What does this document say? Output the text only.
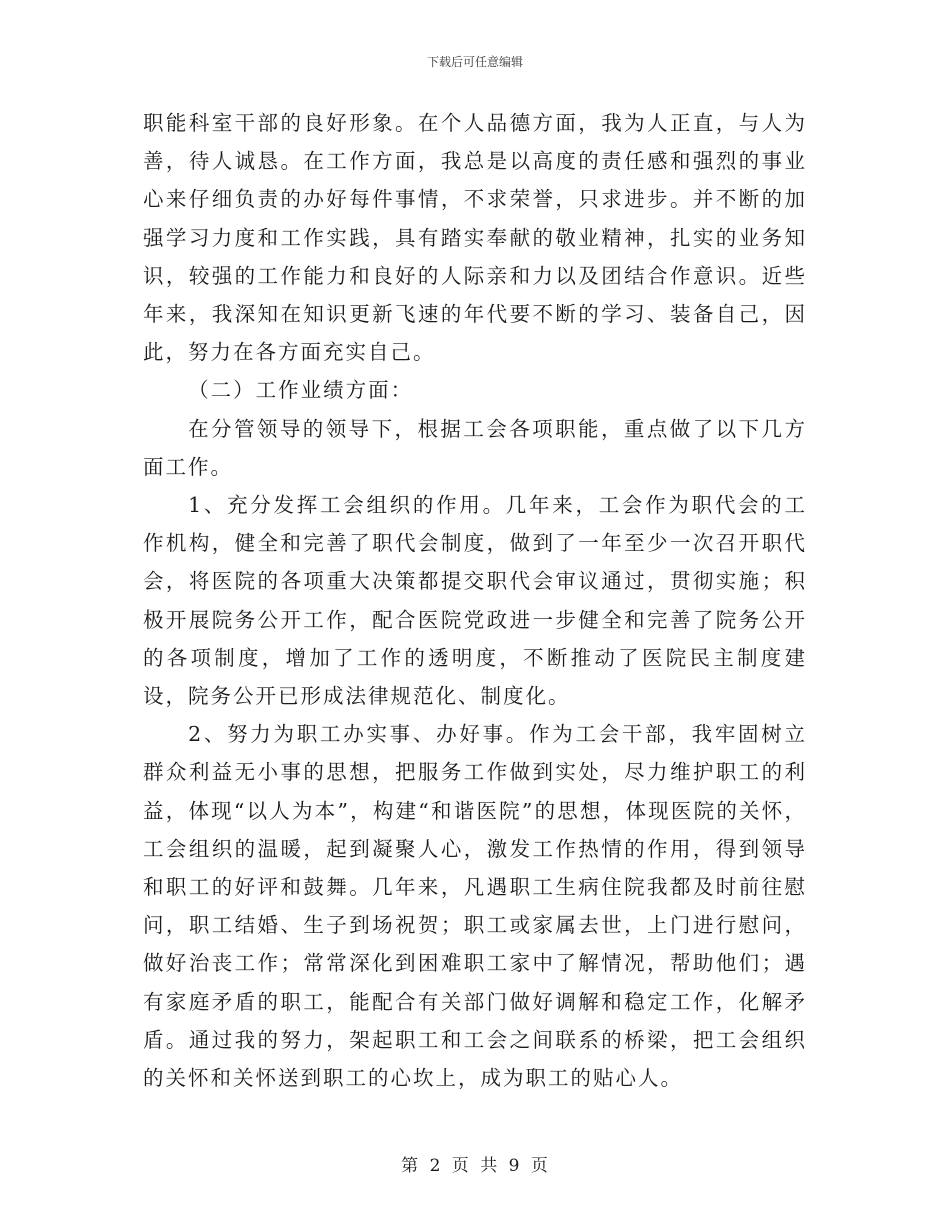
下载后可任意编辑

职能科室干部的良好形象。在个人品德方面，我为人正直，与人为善，待人诚恳。在工作方面，我总是以高度的责任感和强烈的事业心来仔细负责的办好每件事情，不求荣誉，只求进步。并不断的加强学习力度和工作实践，具有踏实奉献的敬业精神，扎实的业务知识，较强的工作能力和良好的人际亲和力以及团结合作意识。近些年来，我深知在知识更新飞速的年代要不断的学习、装备自己，因此，努力在各方面充实自己。

（二）工作业绩方面：

在分管领导的领导下，根据工会各项职能，重点做了以下几方面工作。

1、充分发挥工会组织的作用。几年来，工会作为职代会的工作机构，健全和完善了职代会制度，做到了一年至少一次召开职代会，将医院的各项重大决策都提交职代会审议通过，贯彻实施；积极开展院务公开工作，配合医院党政进一步健全和完善了院务公开的各项制度，增加了工作的透明度，不断推动了医院民主制度建设，院务公开已形成法律规范化、制度化。

2、努力为职工办实事、办好事。作为工会干部，我牢固树立群众利益无小事的思想，把服务工作做到实处，尽力维护职工的利益，体现“以人为本”，构建“和谐医院”的思想，体现医院的关怀，工会组织的温暖，起到凝聚人心，激发工作热情的作用，得到领导和职工的好评和鼓舞。几年来，凡遇职工生病住院我都及时前往慰问，职工结婚、生子到场祝贺；职工或家属去世，上门进行慰问，做好治丧工作；常常深化到困难职工家中了解情况，帮助他们；遇有家庭矛盾的职工，能配合有关部门做好调解和稳定工作，化解矛盾。通过我的努力，架起职工和工会之间联系的桥梁，把工会组织的关怀和关怀送到职工的心坎上，成为职工的贴心人。

第 2 页 共 9 页
